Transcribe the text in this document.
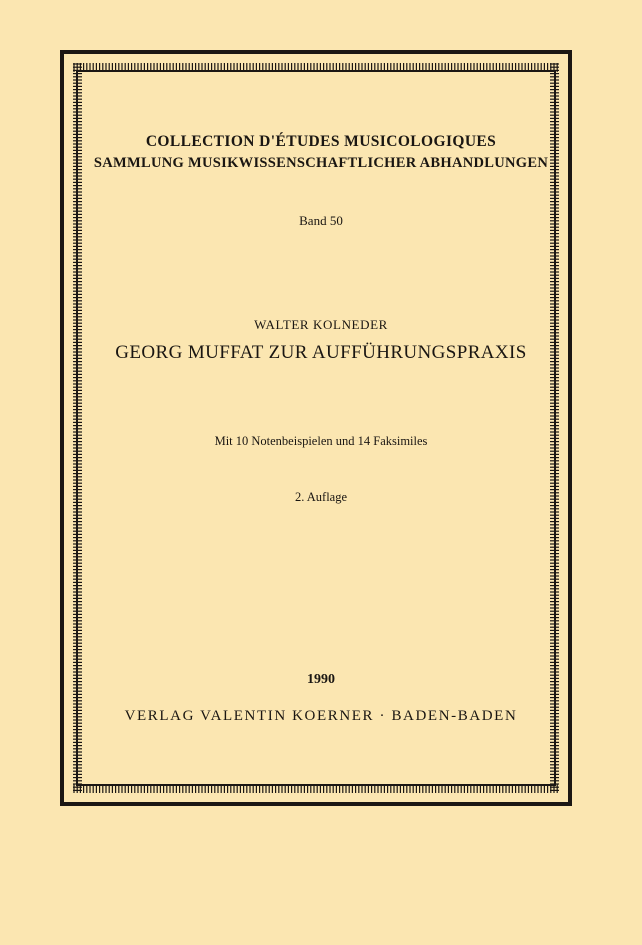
COLLECTION D'ÉTUDES MUSICOLOGIQUES
SAMMLUNG MUSIKWISSENSCHAFTLICHER ABHANDLUNGEN
Band 50
WALTER KOLNEDER
GEORG MUFFAT ZUR AUFFÜHRUNGSPRAXIS
Mit 10 Notenbeispielen und 14 Faksimiles
2. Auflage
1990
VERLAG VALENTIN KOERNER · BADEN-BADEN
